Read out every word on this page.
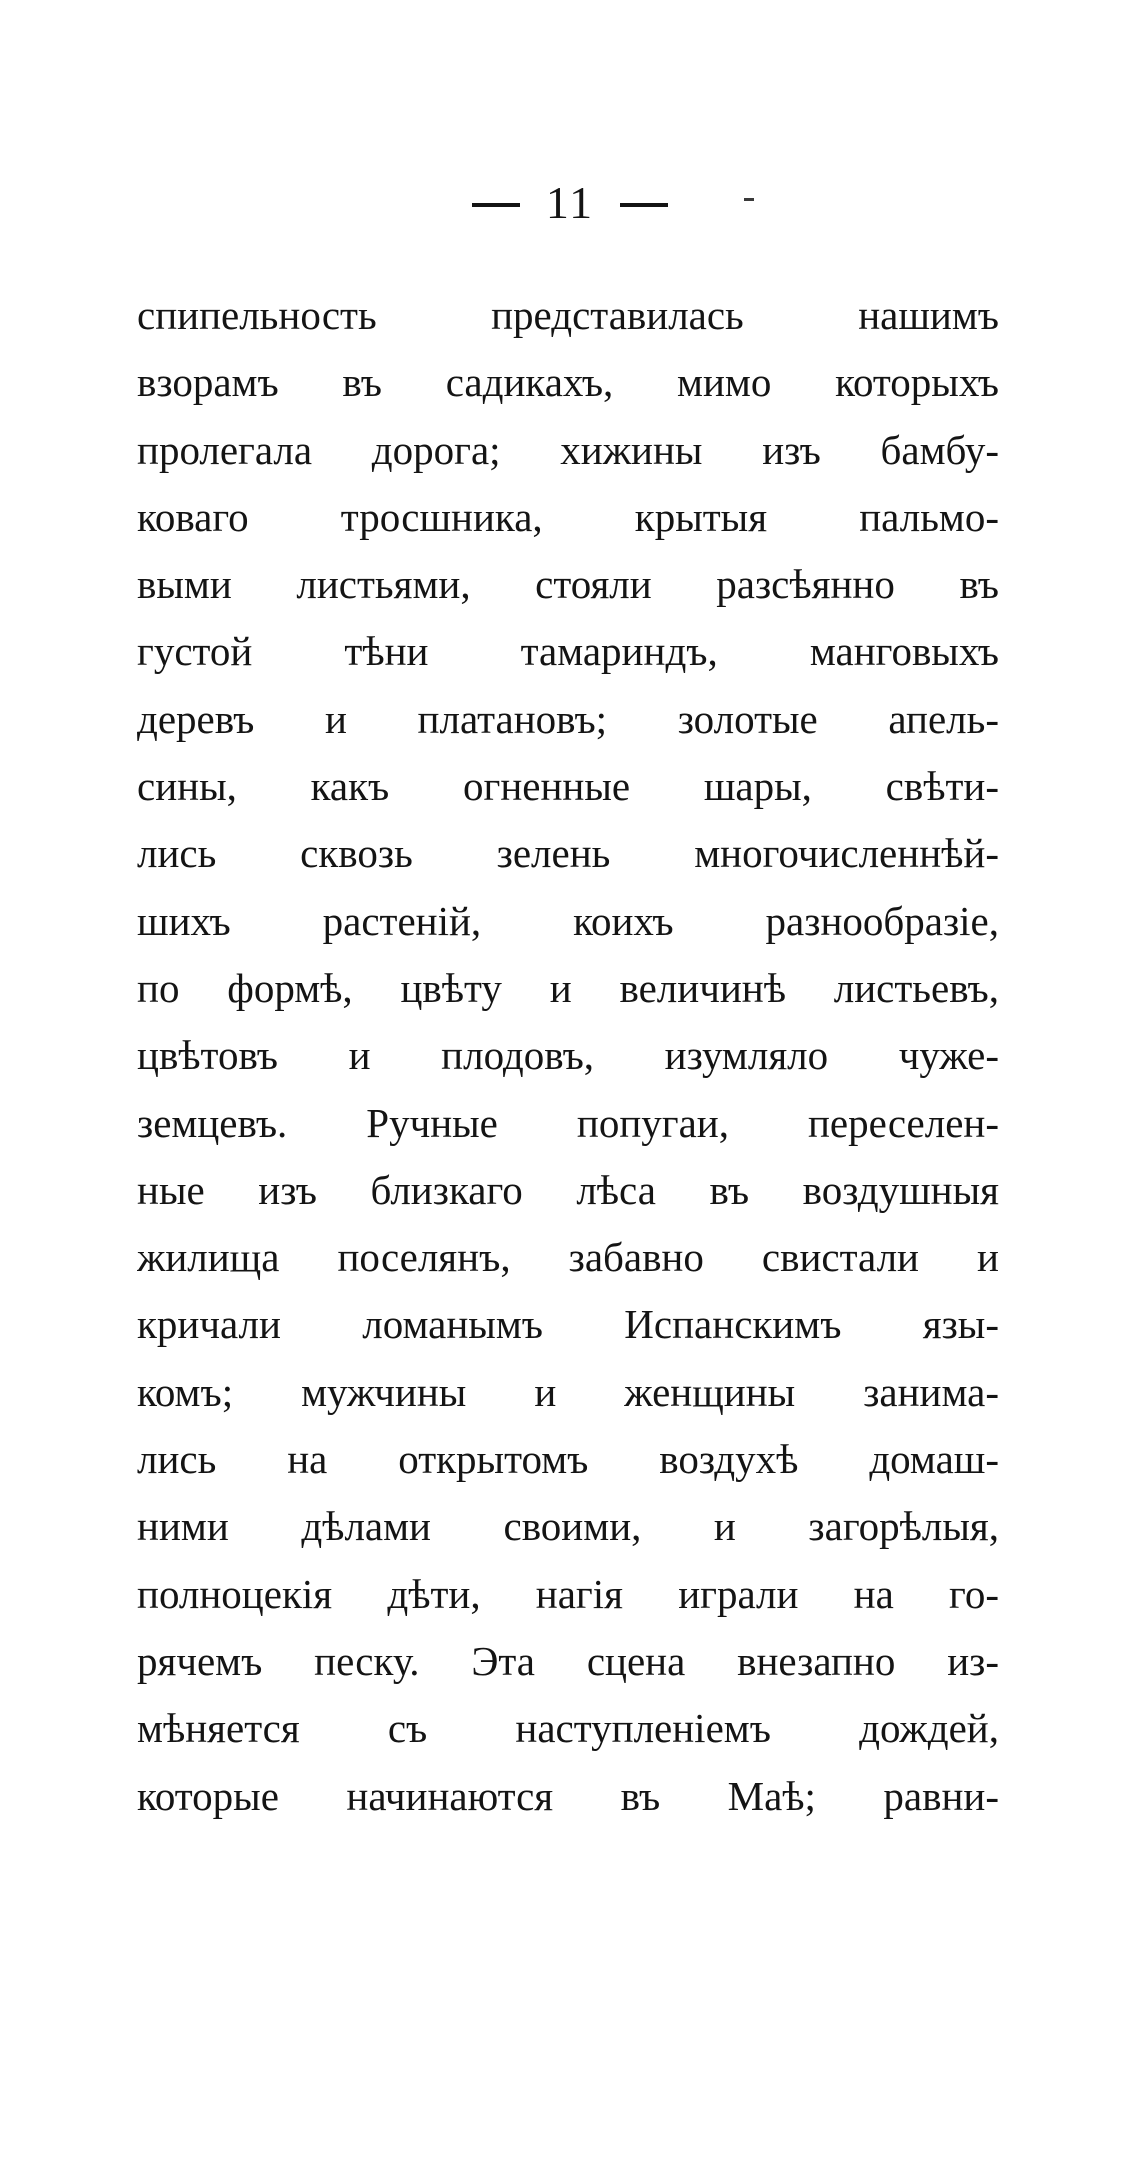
11
спипельность представилась нашимъ
взорамъ въ садикахъ, мимо которыхъ
пролегала дорога; хижины изъ бамбу-
коваго тросшника, крытыя пальмо-
выми листьями, стояли разсѣянно въ
густой тѣни тамариндъ, манговыхъ
деревъ и платановъ; золотые апель-
сины, какъ огненные шары, свѣти-
лись сквозь зелень многочисленнѣй-
шихъ растеній, коихъ разнообразіе,
по формѣ, цвѣту и величинѣ листьевъ,
цвѣтовъ и плодовъ, изумляло чуже-
земцевъ. Ручные попугаи, переселен-
ные изъ близкаго лѣса въ воздушныя
жилища поселянъ, забавно свистали и
кричали ломанымъ Испанскимъ язы-
комъ; мужчины и женщины занима-
лись на открытомъ воздухѣ домаш-
ними дѣлами своими, и загорѣлыя,
полноцекія дѣти, нагія играли на го-
рячемъ песку. Эта сцена внезапно из-
мѣняется съ наступленіемъ дождей,
которые начинаются въ Маѣ; равни-
